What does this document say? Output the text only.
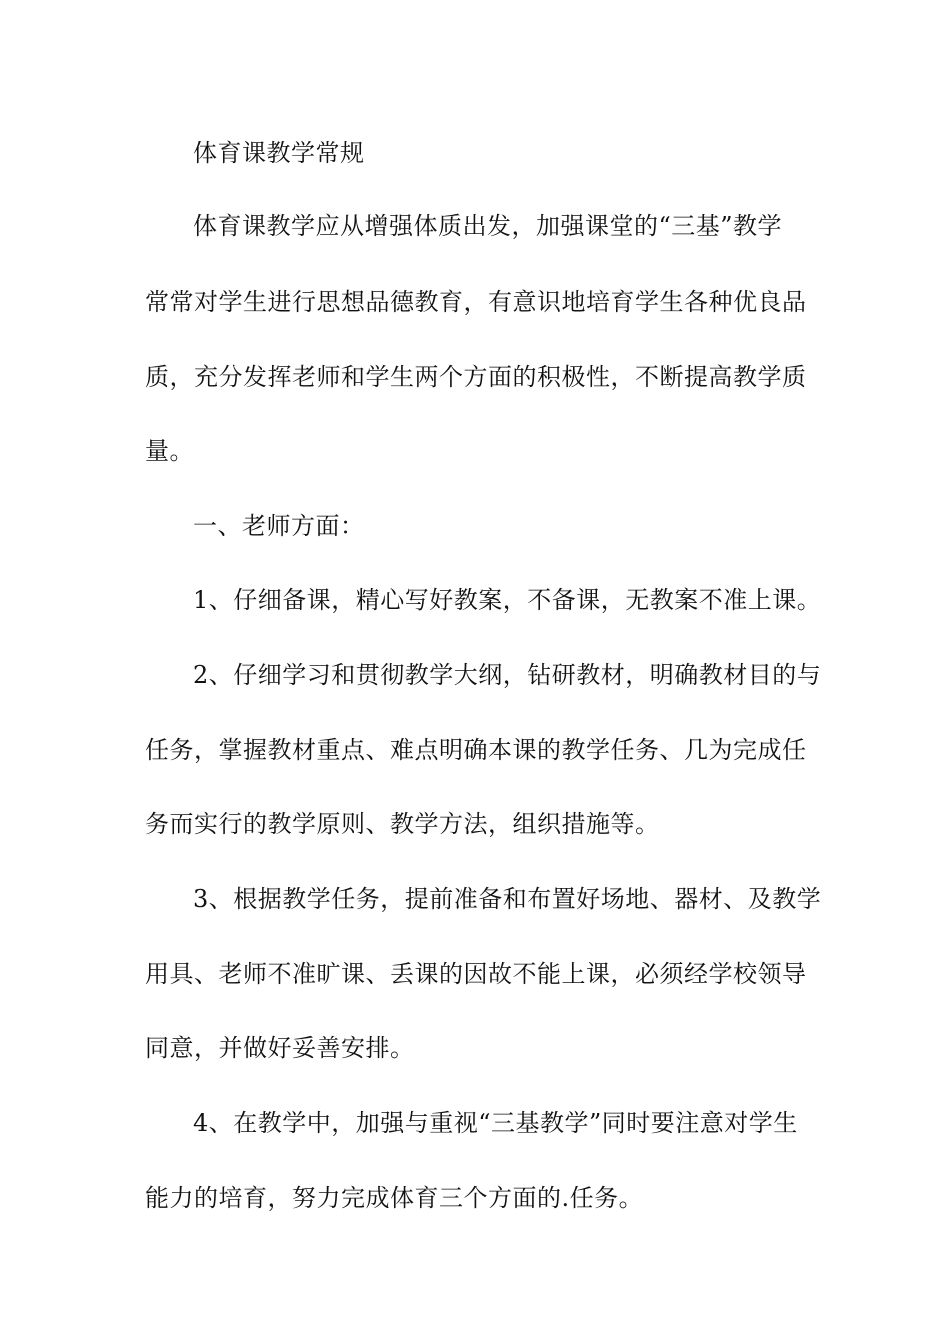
体育课教学常规
体育课教学应从增强体质出发，加强课堂的“三基”教学
常常对学生进行思想品德教育，有意识地培育学生各种优良品
质，充分发挥老师和学生两个方面的积极性，不断提高教学质
量。
一、老师方面：
1、仔细备课，精心写好教案，不备课，无教案不准上课。
2、仔细学习和贯彻教学大纲，钻研教材，明确教材目的与
任务，掌握教材重点、难点明确本课的教学任务、几为完成任
务而实行的教学原则、教学方法，组织措施等。
3、根据教学任务，提前准备和布置好场地、器材、及教学
用具、老师不准旷课、丢课的因故不能上课，必须经学校领导
同意，并做好妥善安排。
4、在教学中，加强与重视“三基教学”同时要注意对学生
能力的培育，努力完成体育三个方面的.任务。
